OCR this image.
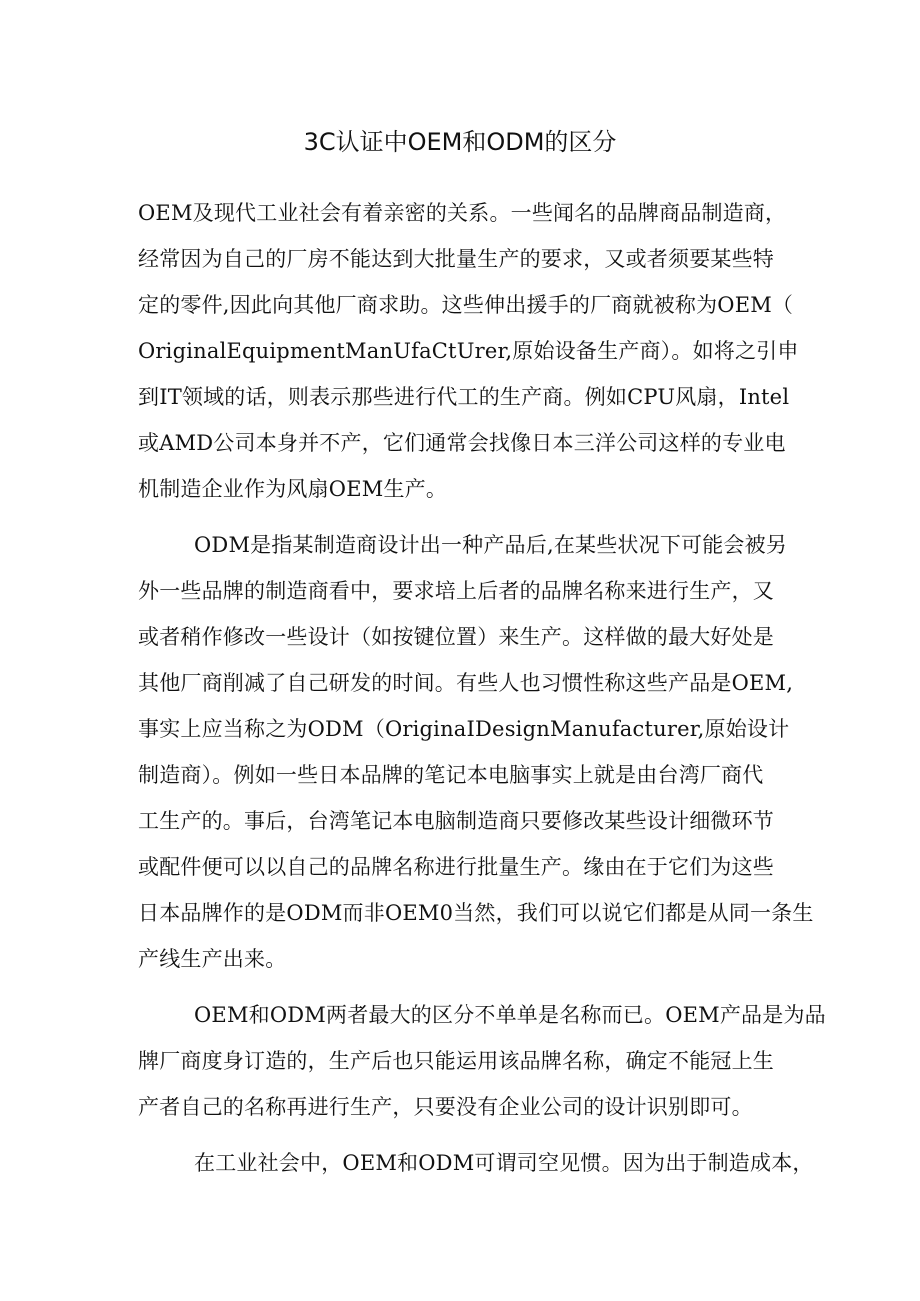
3C认证中OEM和ODM的区分

OEM及现代工业社会有着亲密的关系。一些闻名的品牌商品制造商，
经常因为自己的厂房不能达到大批量生产的要求，又或者须要某些特
定的零件,因此向其他厂商求助。这些伸出援手的厂商就被称为OEM（
OriginalEquipmentManUfaCtUrer,原始设备生产商）。如将之引申
到IT领域的话，则表示那些进行代工的生产商。例如CPU风扇，Intel
或AMD公司本身并不产，它们通常会找像日本三洋公司这样的专业电
机制造企业作为风扇OEM生产。

ODM是指某制造商设计出一种产品后,在某些状况下可能会被另
外一些品牌的制造商看中，要求培上后者的品牌名称来进行生产，又
或者稍作修改一些设计（如按键位置）来生产。这样做的最大好处是
其他厂商削减了自己研发的时间。有些人也习惯性称这些产品是OEM,
事实上应当称之为ODM（OriginaIDesignManufacturer,原始设计
制造商）。例如一些日本品牌的笔记本电脑事实上就是由台湾厂商代
工生产的。事后，台湾笔记本电脑制造商只要修改某些设计细微环节
或配件便可以以自己的品牌名称进行批量生产。缘由在于它们为这些
日本品牌作的是ODM而非OEM0当然，我们可以说它们都是从同一条生
产线生产出来。

OEM和ODM两者最大的区分不单单是名称而已。OEM产品是为品
牌厂商度身订造的，生产后也只能运用该品牌名称，确定不能冠上生
产者自己的名称再进行生产，只要没有企业公司的设计识别即可。

在工业社会中，OEM和ODM可谓司空见惯。因为出于制造成本，
